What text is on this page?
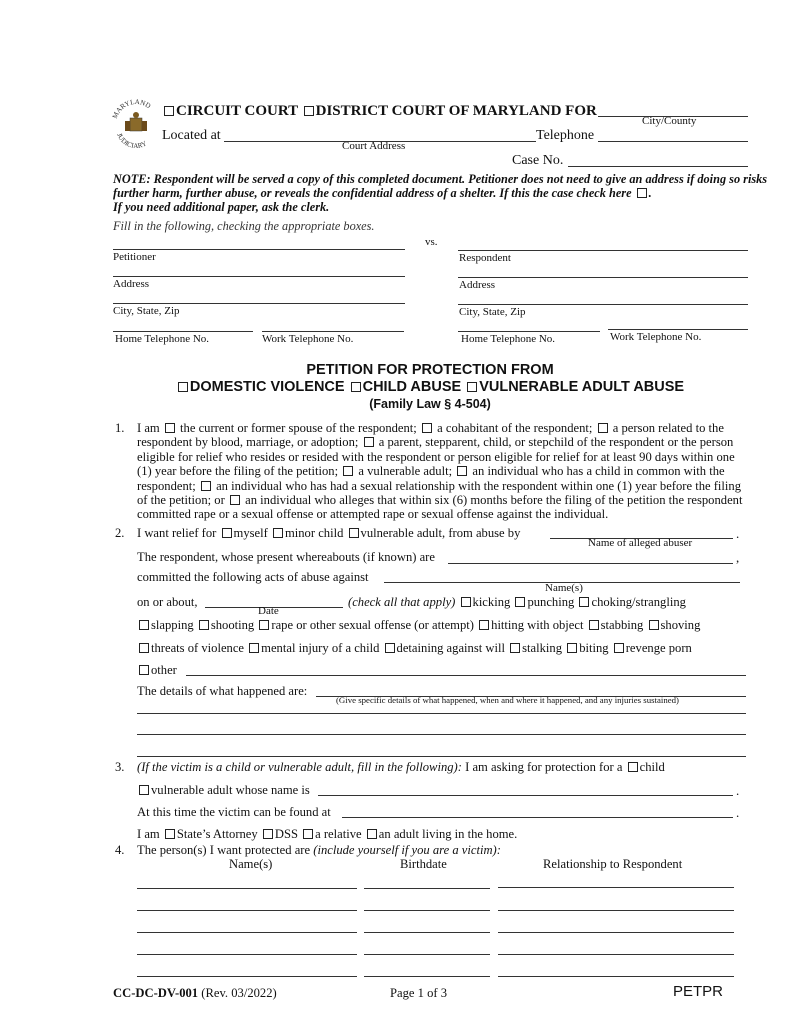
MARYLAND
JUDICIARY
CIRCUIT COURT DISTRICT COURT OF MARYLAND FOR
City/County
Located at
Court Address
Telephone
Case No.
NOTE: Respondent will be served a copy of this completed document. Petitioner does not need to give an address if doing so risks
further harm, further abuse, or reveals the confidential address of a shelter. If this the case check here .
If you need additional paper, ask the clerk.
Fill in the following, checking the appropriate boxes.
vs.
Petitioner
Address
City, State, Zip
Home Telephone No.	Work Telephone No.
Respondent
Address
City, State, Zip
Home Telephone No.	Work Telephone No.
PETITION FOR PROTECTION FROM
DOMESTIC VIOLENCE CHILD ABUSE VULNERABLE ADULT ABUSE
(Family Law § 4-504)
1. I am the current or former spouse of the respondent; a cohabitant of the respondent; a person related to the respondent by blood, marriage, or adoption; a parent, stepparent, child, or stepchild of the respondent or the person eligible for relief who resides or resided with the respondent or person eligible for relief for at least 90 days within one (1) year before the filing of the petition; a vulnerable adult; an individual who has a child in common with the respondent; an individual who has had a sexual relationship with the respondent within one (1) year before the filing of the petition; or an individual who alleges that within six (6) months before the filing of the petition the respondent committed rape or a sexual offense or attempted rape or sexual offense against the individual.
2. I want relief for myself minor child vulnerable adult, from abuse by	.
Name of alleged abuser
The respondent, whose present whereabouts (if known) are	,
committed the following acts of abuse against
Name(s)
on or about,
Date
(check all that apply) kicking punching choking/strangling
slapping shooting rape or other sexual offense (or attempt) hitting with object stabbing shoving
threats of violence mental injury of a child detaining against will stalking biting revenge porn
other
The details of what happened are:
(Give specific details of what happened, when and where it happened, and any injuries sustained)
3. (If the victim is a child or vulnerable adult, fill in the following): I am asking for protection for a child
vulnerable adult whose name is	.
At this time the victim can be found at	.
I am State’s Attorney DSS a relative an adult living in the home.
4. The person(s) I want protected are (include yourself if you are a victim):
Name(s)	Birthdate	Relationship to Respondent
CC-DC-DV-001 (Rev. 03/2022)	Page 1 of 3	PETPR
